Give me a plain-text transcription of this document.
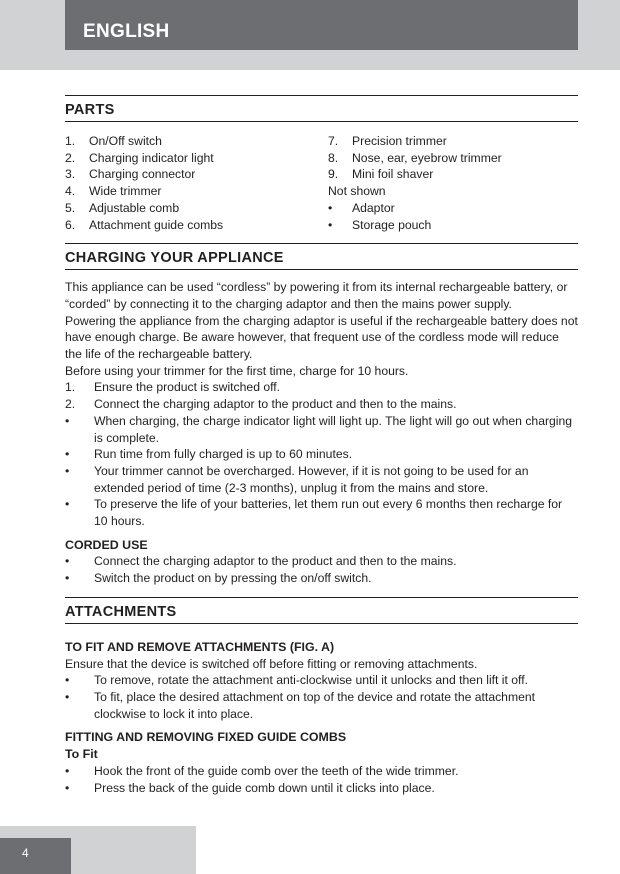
ENGLISH
PARTS
1.	On/Off switch
2.	Charging indicator light
3.	Charging connector
4.	Wide trimmer
5.	Adjustable comb
6.	Attachment guide combs
7.	Precision trimmer
8.	Nose, ear, eyebrow trimmer
9.	Mini foil shaver
Not shown
•	Adaptor
•	Storage pouch
CHARGING YOUR APPLIANCE

This appliance can be used “cordless” by powering it from its internal rechargeable battery, or “corded” by connecting it to the charging adaptor and then the mains power supply.

Powering the appliance from the charging adaptor is useful if the rechargeable battery does not have enough charge. Be aware however, that frequent use of the cordless mode will reduce the life of the rechargeable battery.

Before using your trimmer for the first time, charge for 10 hours.

1.	Ensure the product is switched off.
2.	Connect the charging adaptor to the product and then to the mains.
•	When charging, the charge indicator light will light up. The light will go out when charging is complete.
•	Run time from fully charged is up to 60 minutes.
•	Your trimmer cannot be overcharged. However, if it is not going to be used for an extended period of time (2-3 months), unplug it from the mains and store.
•	To preserve the life of your batteries, let them run out every 6 months then recharge for 10 hours.
CORDED USE
•	Connect the charging adaptor to the product and then to the mains.
•	Switch the product on by pressing the on/off switch.
ATTACHMENTS
TO FIT AND REMOVE ATTACHMENTS (FIG. A)

Ensure that the device is switched off before fitting or removing attachments.

•	To remove, rotate the attachment anti-clockwise until it unlocks and then lift it off.
•	To fit, place the desired attachment on top of the device and rotate the attachment clockwise to lock it into place.
FITTING AND REMOVING FIXED GUIDE COMBS
To Fit
•	Hook the front of the guide comb over the teeth of the wide trimmer.
•	Press the back of the guide comb down until it clicks into place.
4
